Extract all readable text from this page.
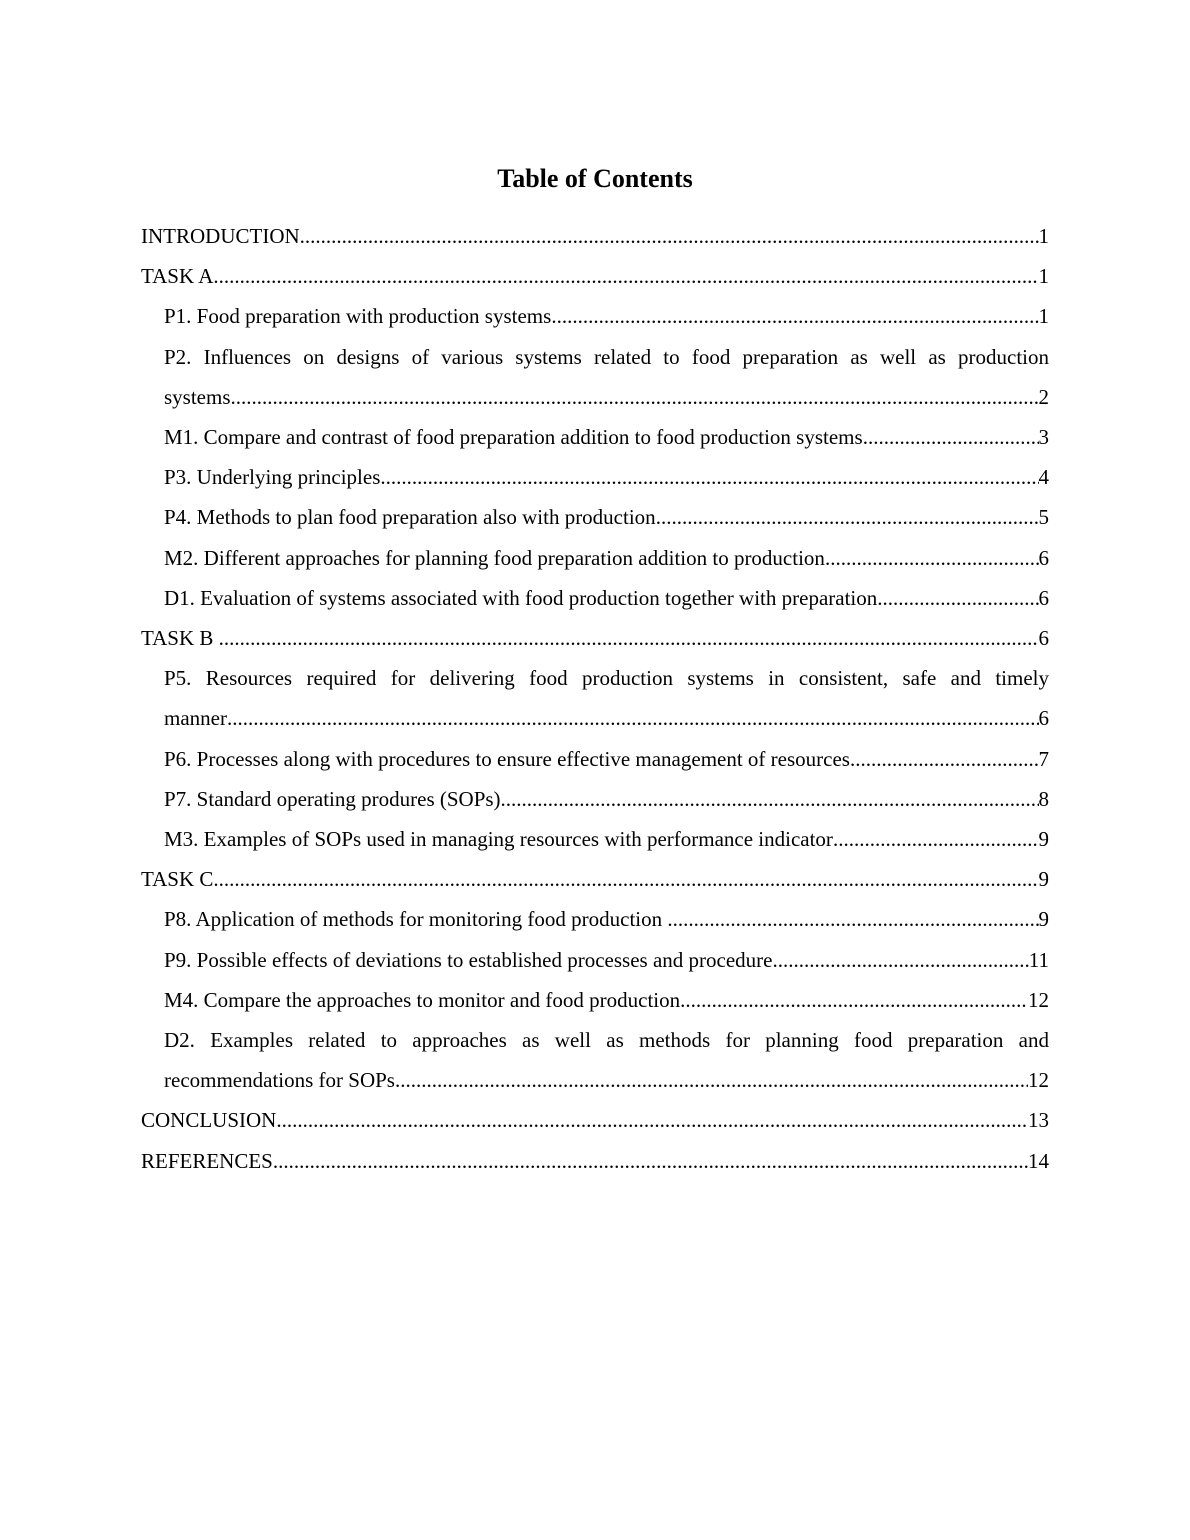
Table of Contents
INTRODUCTION .....	1
TASK A .....	1
P1. Food preparation with production systems .....	1
P2. Influences on designs of various systems related to food preparation as well as production
systems .....	2
M1. Compare and contrast of food preparation addition to food production systems .....	3
P3. Underlying principles .....	4
P4. Methods to plan food preparation also with production .....	5
M2. Different approaches for planning food preparation addition to production .....	6
D1. Evaluation of systems associated with food production together with preparation .....	6
TASK B .....	6
P5. Resources required for delivering food production systems in consistent, safe and timely
manner .....	6
P6. Processes along with procedures to ensure effective management of resources .....	7
P7. Standard operating produres (SOPs) .....	8
M3. Examples of SOPs used in managing resources with performance indicator .....	9
TASK C .....	9
P8. Application of methods for monitoring food production .....	9
P9. Possible effects of deviations to established processes and procedure .....	11
M4. Compare the approaches to monitor and food production .....	12
D2. Examples related to approaches as well as methods for planning food preparation and
recommendations for SOPs .....	12
CONCLUSION .....	13
REFERENCES .....	14
